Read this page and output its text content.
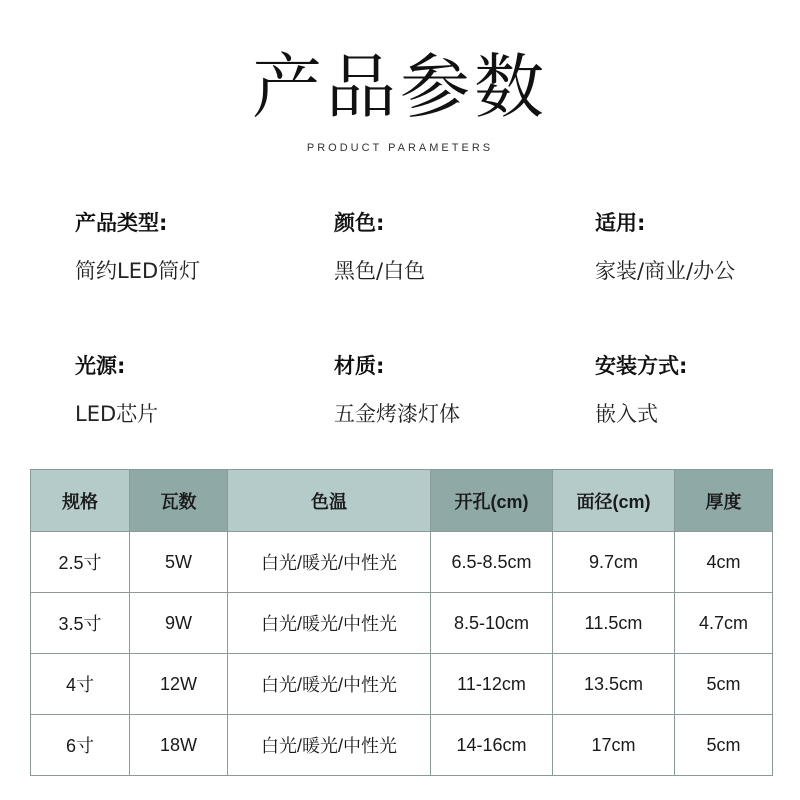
产品参数
PRODUCT PARAMETERS
产品类型:
简约LED筒灯
颜色:
黑色/白色
适用:
家装/商业/办公
光源:
LED芯片
材质:
五金烤漆灯体
安装方式:
嵌入式
规格	瓦数	色温	开孔(cm)	面径(cm)	厚度
2.5寸	5W	白光/暖光/中性光	6.5-8.5cm	9.7cm	4cm
3.5寸	9W	白光/暖光/中性光	8.5-10cm	11.5cm	4.7cm
4寸	12W	白光/暖光/中性光	11-12cm	13.5cm	5cm
6寸	18W	白光/暖光/中性光	14-16cm	17cm	5cm
